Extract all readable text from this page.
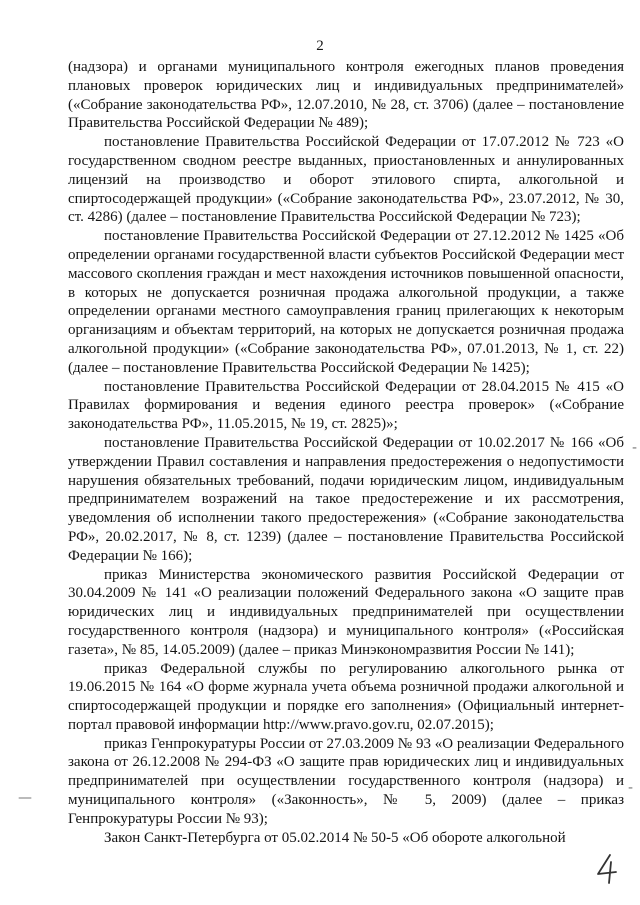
2

(надзора) и органами муниципального контроля ежегодных планов проведения плановых проверок юридических лиц и индивидуальных предпринимателей» («Собрание законодательства РФ», 12.07.2010, № 28, ст. 3706) (далее – постановление Правительства Российской Федерации № 489);

постановление Правительства Российской Федерации от 17.07.2012 № 723 «О государственном сводном реестре выданных, приостановленных и аннулированных лицензий на производство и оборот этилового спирта, алкогольной и спиртосодержащей продукции» («Собрание законодательства РФ», 23.07.2012, № 30, ст. 4286) (далее – постановление Правительства Российской Федерации № 723);

постановление Правительства Российской Федерации от 27.12.2012 № 1425 «Об определении органами государственной власти субъектов Российской Федерации мест массового скопления граждан и мест нахождения источников повышенной опасности, в которых не допускается розничная продажа алкогольной продукции, а также определении органами местного самоуправления границ прилегающих к некоторым организациям и объектам территорий, на которых не допускается розничная продажа алкогольной продукции» («Собрание законодательства РФ», 07.01.2013, № 1, ст. 22) (далее – постановление Правительства Российской Федерации № 1425);

постановление Правительства Российской Федерации от 28.04.2015 № 415 «О Правилах формирования и ведения единого реестра проверок» («Собрание законодательства РФ», 11.05.2015, № 19, ст. 2825)»;

постановление Правительства Российской Федерации от 10.02.2017 № 166 «Об утверждении Правил составления и направления предостережения о недопустимости нарушения обязательных требований, подачи юридическим лицом, индивидуальным предпринимателем возражений на такое предостережение и их рассмотрения, уведомления об исполнении такого предостережения» («Собрание законодательства РФ», 20.02.2017, № 8, ст. 1239) (далее – постановление Правительства Российской Федерации № 166);

приказ Министерства экономического развития Российской Федерации от 30.04.2009 № 141 «О реализации положений Федерального закона «О защите прав юридических лиц и индивидуальных предпринимателей при осуществлении государственного контроля (надзора) и муниципального контроля» («Российская газета», № 85, 14.05.2009) (далее – приказ Минэкономразвития России № 141);

приказ Федеральной службы по регулированию алкогольного рынка от 19.06.2015 № 164 «О форме журнала учета объема розничной продажи алкогольной и спиртосодержащей продукции и порядке его заполнения» (Официальный интернет-портал правовой информации http://www.pravo.gov.ru, 02.07.2015);

приказ Генпрокуратуры России от 27.03.2009 № 93 «О реализации Федерального закона от 26.12.2008 № 294-ФЗ «О защите прав юридических лиц и индивидуальных предпринимателей при осуществлении государственного контроля (надзора) и муниципального контроля» («Законность», № 5, 2009) (далее – приказ Генпрокуратуры России № 93);

Закон Санкт-Петербурга от 05.02.2014 № 50-5 «Об обороте алкогольной

-
—
-
